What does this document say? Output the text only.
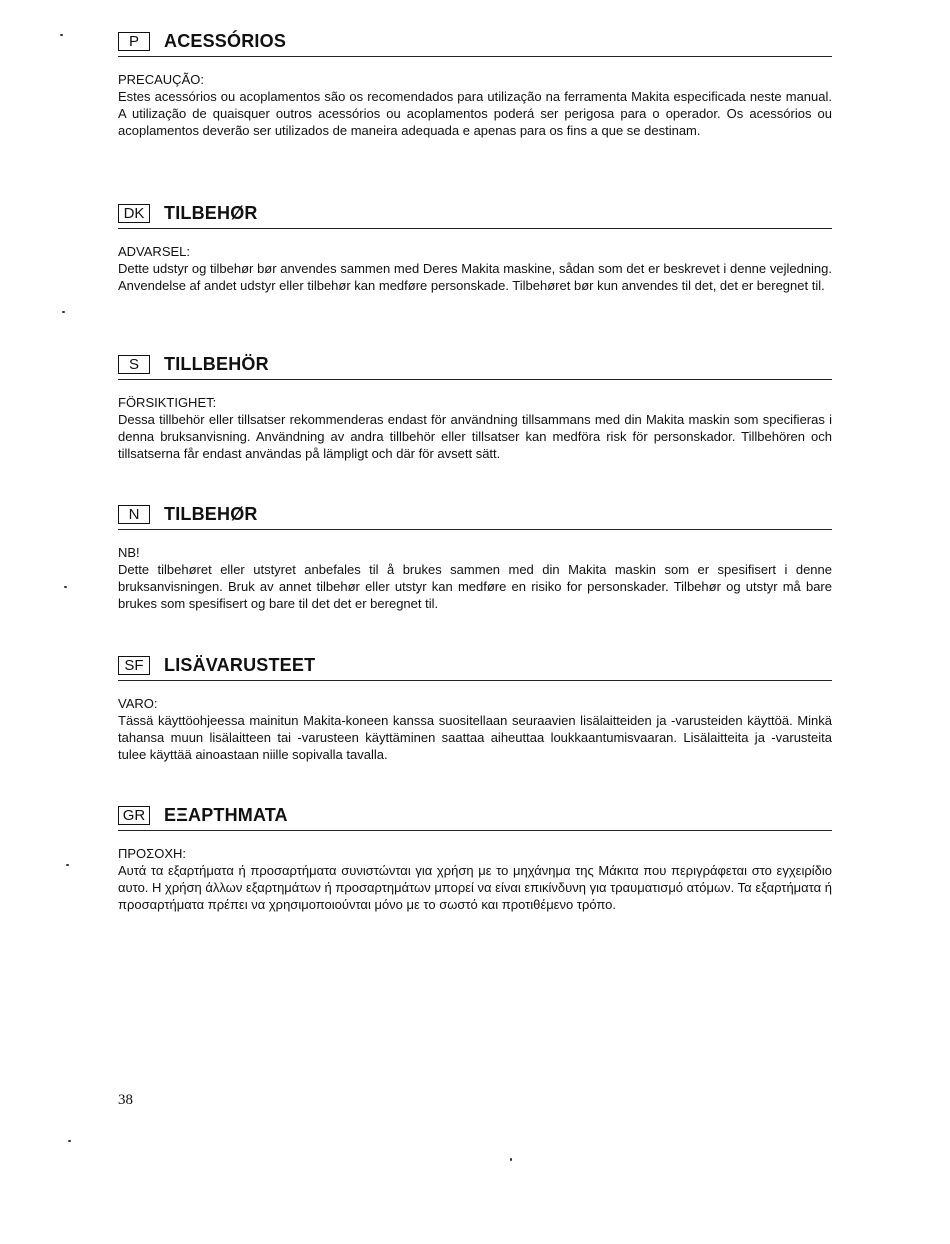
P	ACESSÓRIOS
PRECAUÇÃO:
Estes acessórios ou acoplamentos são os recomendados para utilização na ferramenta Makita especificada neste manual. A utilização de quaisquer outros acessórios ou acoplamentos poderá ser perigosa para o operador. Os acessórios ou acoplamentos deverão ser utilizados de maneira adequada e apenas para os fins a que se destinam.
DK	TILBEHØR
ADVARSEL:
Dette udstyr og tilbehør bør anvendes sammen med Deres Makita maskine, sådan som det er beskrevet i denne vejledning. Anvendelse af andet udstyr eller tilbehør kan medføre personskade. Tilbehøret bør kun anvendes til det, det er beregnet til.
S	TILLBEHÖR
FÖRSIKTIGHET:
Dessa tillbehör eller tillsatser rekommenderas endast för användning tillsammans med din Makita maskin som specifieras i denna bruksanvisning. Användning av andra tillbehör eller tillsatser kan medföra risk för personskador. Tillbehören och tillsatserna får endast användas på lämpligt och där för avsett sätt.
N	TILBEHØR
NB!
Dette tilbehøret eller utstyret anbefales til å brukes sammen med din Makita maskin som er spesifisert i denne bruksanvisningen. Bruk av annet tilbehør eller utstyr kan medføre en risiko for personskader. Tilbehør og utstyr må bare brukes som spesifisert og bare til det det er beregnet til.
SF	LISÄVARUSTEET
VARO:
Tässä käyttöohjeessa mainitun Makita-koneen kanssa suositellaan seuraavien lisälaitteiden ja -varusteiden käyttöä. Minkä tahansa muun lisälaitteen tai -varusteen käyttäminen saattaa aiheuttaa loukkaantumisvaaran. Lisälaitteita ja -varusteita tulee käyttää ainoastaan niille sopivalla tavalla.
GR ΕΞΑΡΤΗΜΑΤΑ
ΠΡΟΣΟΧΗ:
Αυτά τα εξαρτήματα ή προσαρτήματα συνιστώνται για χρήση με το μηχάνημα της Μάκιτα που περιγράφεται στο εγχειρίδιο αυτο. Η χρήση άλλων εξαρτημάτων ή προσαρτημάτων μπορεί να είναι επικίνδυνη για τραυματισμό ατόμων. Τα εξαρτήματα ή προσαρτήματα πρέπει να χρησιμοποιούνται μόνο με το σωστό και προτιθέμενο τρόπο.
38
